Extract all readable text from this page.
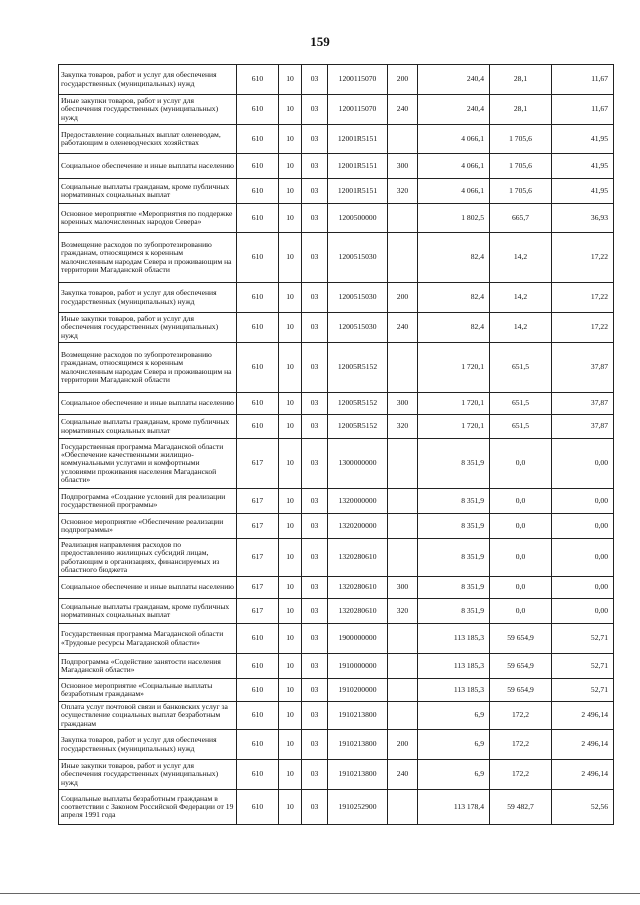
159
Закупка товаров, работ и услуг для обеспечения государственных (муниципальных) нужд	610	10	03	1200115070	200	240,4	28,1	11,67
Иные закупки товаров, работ и услуг для обеспечения государственных (муниципальных) нужд	610	10	03	1200115070	240	240,4	28,1	11,67
Предоставление социальных выплат оленеводам, работающим в оленеводческих хозяйствах	610	10	03	12001R5151		4 066,1	1 705,6	41,95
Социальное обеспечение и иные выплаты населению	610	10	03	12001R5151	300	4 066,1	1 705,6	41,95
Социальные выплаты гражданам, кроме публичных нормативных социальных выплат	610	10	03	12001R5151	320	4 066,1	1 705,6	41,95
Основное мероприятие «Мероприятия по поддержке коренных малочисленных народов Севера»	610	10	03	1200500000		1 802,5	665,7	36,93
Возмещение расходов по зубопротезированию гражданам, относящимся к коренным малочисленным народам Севера и проживающим на территории Магаданской области	610	10	03	1200515030		82,4	14,2	17,22
Закупка товаров, работ и услуг для обеспечения государственных (муниципальных) нужд	610	10	03	1200515030	200	82,4	14,2	17,22
Иные закупки товаров, работ и услуг для обеспечения государственных (муниципальных) нужд	610	10	03	1200515030	240	82,4	14,2	17,22
Возмещение расходов по зубопротезированию гражданам, относящимся к коренным малочисленным народам Севера и проживающим на территории Магаданской области	610	10	03	12005R5152		1 720,1	651,5	37,87
Социальное обеспечение и иные выплаты населению	610	10	03	12005R5152	300	1 720,1	651,5	37,87
Социальные выплаты гражданам, кроме публичных нормативных социальных выплат	610	10	03	12005R5152	320	1 720,1	651,5	37,87
Государственная программа Магаданской области «Обеспечение качественными жилищно-коммунальными услугами и комфортными условиями проживания населения Магаданской области»	617	10	03	1300000000		8 351,9	0,0	0,00
Подпрограмма «Создание условий для реализации государственной программы»	617	10	03	1320000000		8 351,9	0,0	0,00
Основное мероприятие «Обеспечение реализации подпрограммы»	617	10	03	1320200000		8 351,9	0,0	0,00
Реализация направления расходов по предоставлению жилищных субсидий лицам, работающим в организациях, финансируемых из областного бюджета	617	10	03	1320280610		8 351,9	0,0	0,00
Социальное обеспечение и иные выплаты населению	617	10	03	1320280610	300	8 351,9	0,0	0,00
Социальные выплаты гражданам, кроме публичных нормативных социальных выплат	617	10	03	1320280610	320	8 351,9	0,0	0,00
Государственная программа Магаданской области «Трудовые ресурсы Магаданской области»	610	10	03	1900000000		113 185,3	59 654,9	52,71
Подпрограмма «Содействие занятости населения Магаданской области»	610	10	03	1910000000		113 185,3	59 654,9	52,71
Основное мероприятие «Социальные выплаты безработным гражданам»	610	10	03	1910200000		113 185,3	59 654,9	52,71
Оплата услуг почтовой связи и банковских услуг за осуществление социальных выплат безработным гражданам	610	10	03	1910213800		6,9	172,2	2 496,14
Закупка товаров, работ и услуг для обеспечения государственных (муниципальных) нужд	610	10	03	1910213800	200	6,9	172,2	2 496,14
Иные закупки товаров, работ и услуг для обеспечения государственных (муниципальных) нужд	610	10	03	1910213800	240	6,9	172,2	2 496,14
Социальные выплаты безработным гражданам в соответствии с Законом Российской Федерации от 19 апреля 1991 года	610	10	03	1910252900		113 178,4	59 482,7	52,56
